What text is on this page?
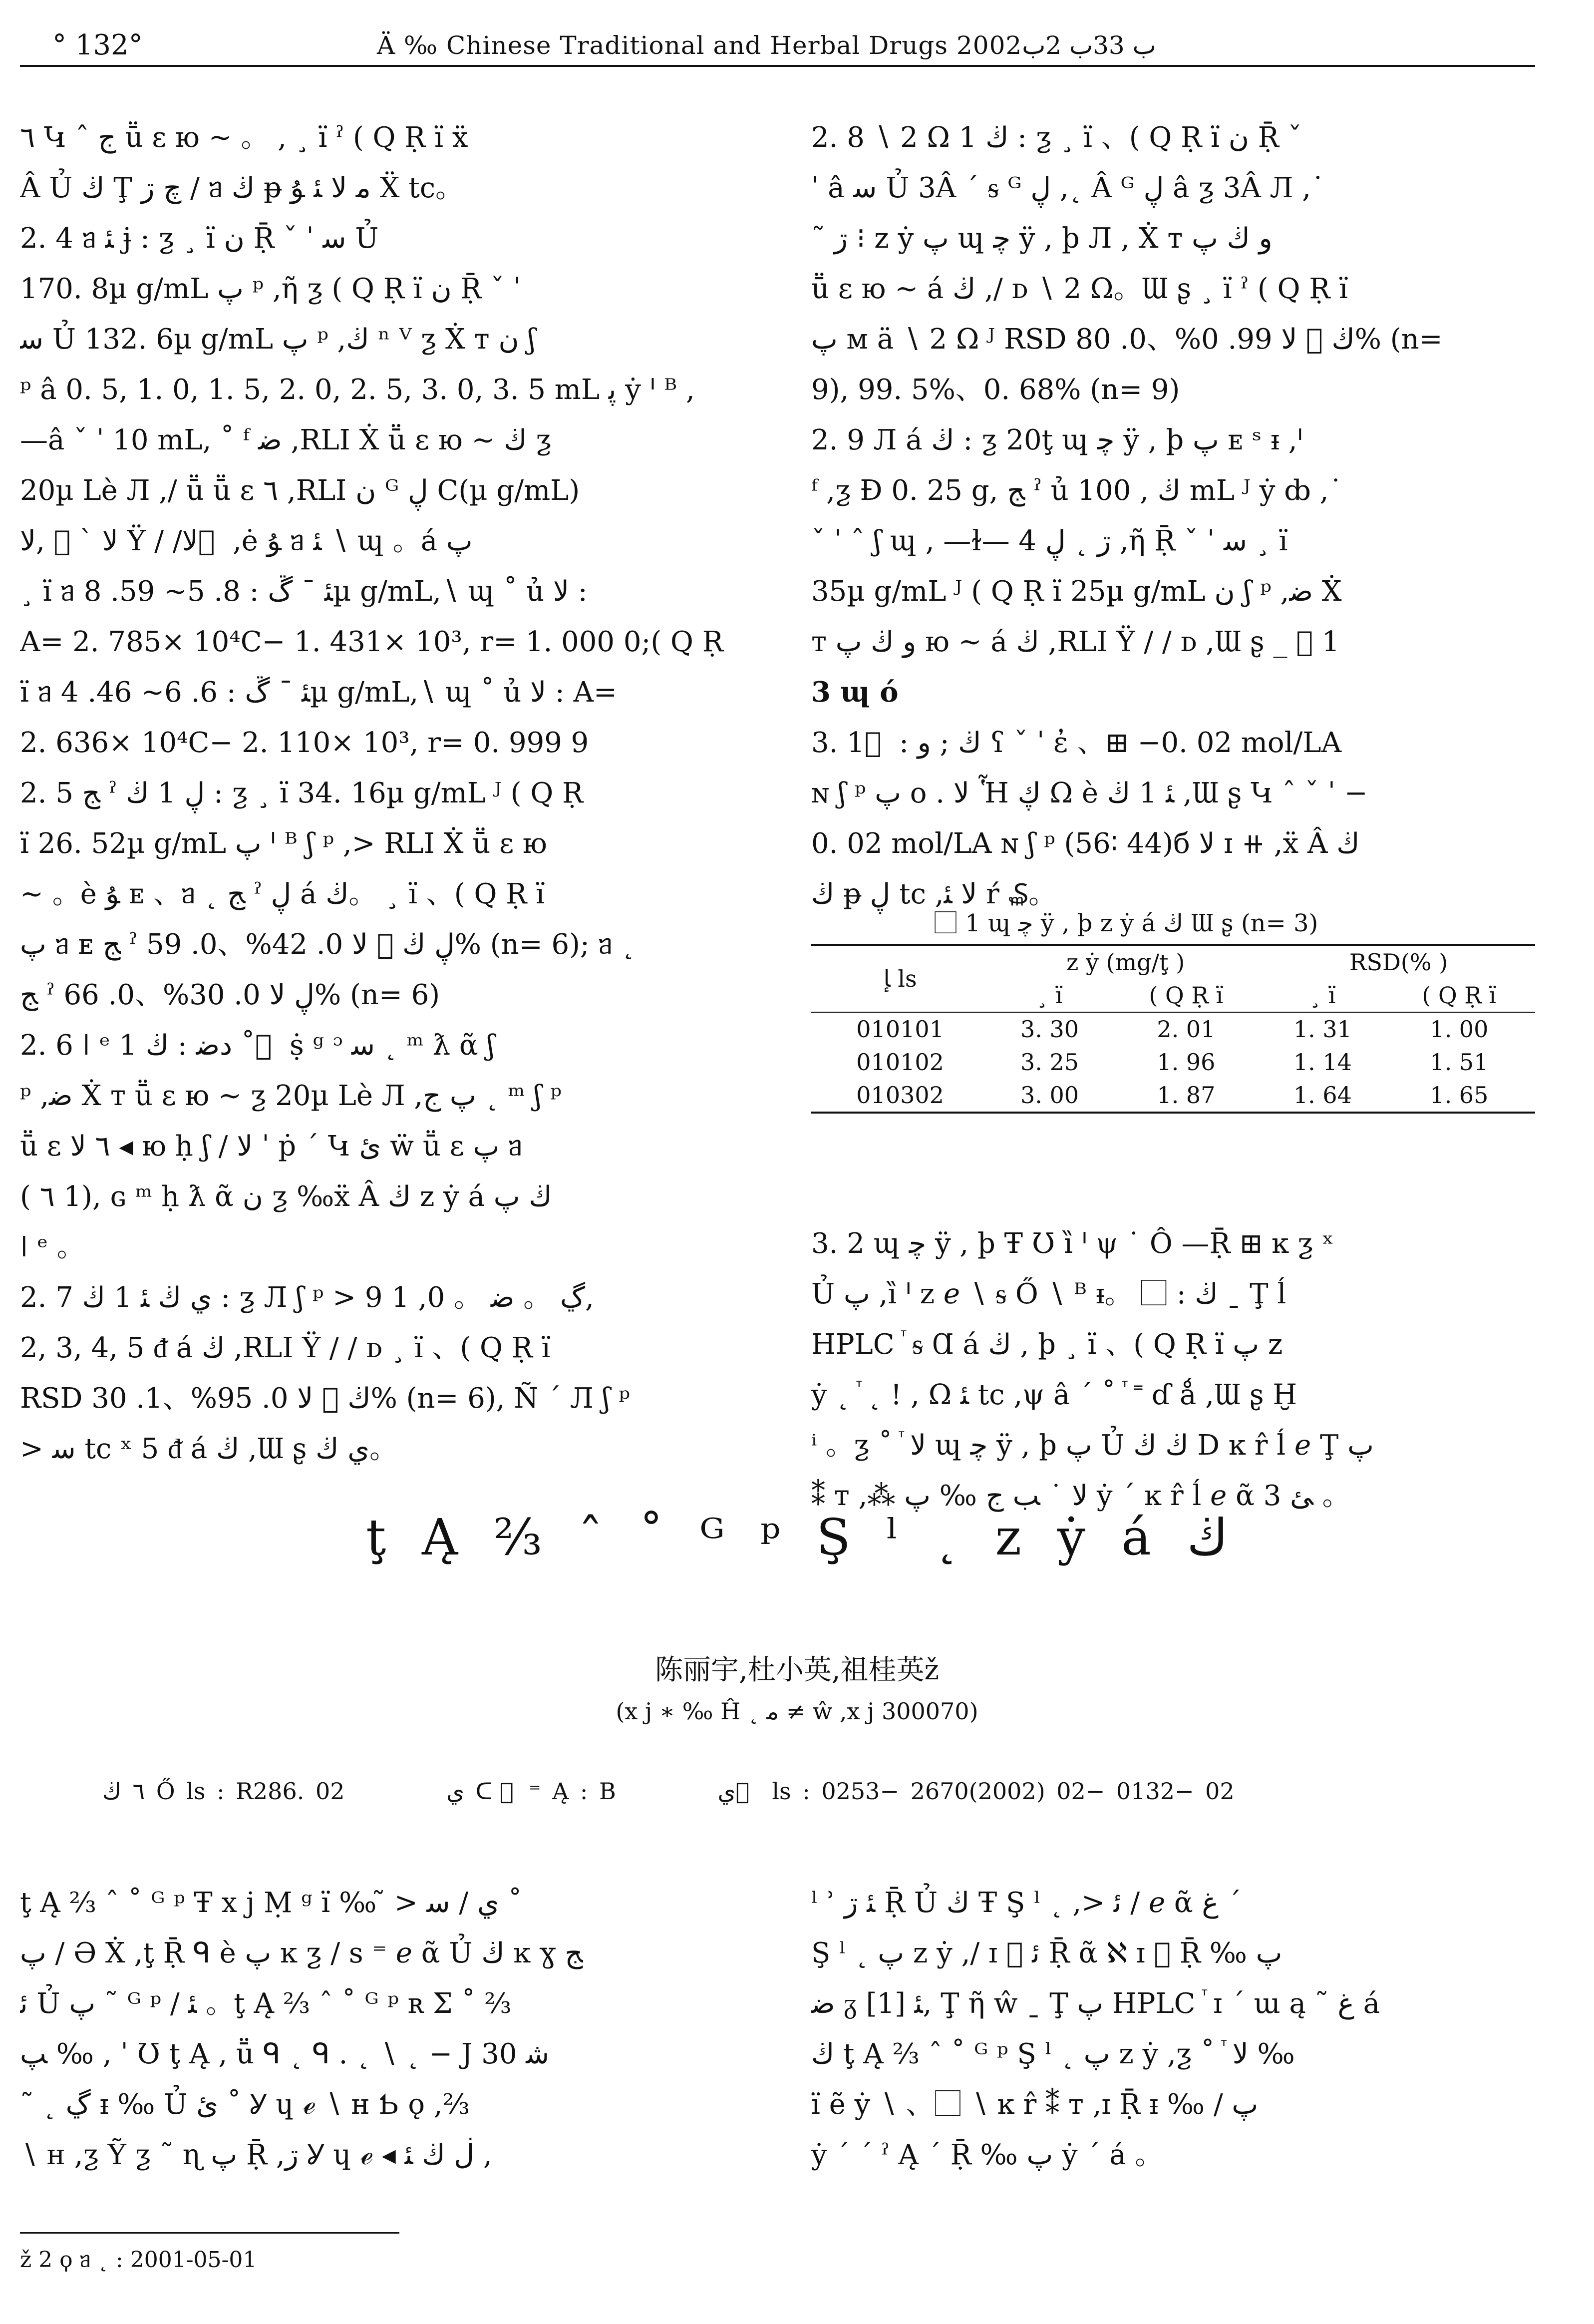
° 132°	Ä ‰ Chinese Traditional and Herbal Drugs 2002ب 33ب 2ب

٦ Կ ˆ ج ṻ ɛ ю ~ 。 , ¸ ї ˀ ( Q Ṛ ї ẍ

Â Ủ ڬ Ţ چ ڗ ∕ ᥑ ڬ ᵽ ﻣ ﻻ ﺌ ﯘ Ẍ tc。

2. 4 ᥑ ﺌ ɉ : ƺ ¸ ї ﻥ Ṝ ˇ ˈ ﺳ Ủ

170. 8µ g/mL ﭖ ᵖ ,ῆ ƺ ( Q Ṛ ї ﻥ Ṝ ˇ ˈ

ﺳ Ủ 132. 6µ g/mL ﭖ ᵖ ,ڬ ⁿ ⱽ ƺ Ẋ ᴛ ﻥ ʃ

ᵖ â 0. 5, 1. 0, 1. 5, 2. 0, 2. 5, 3. 0, 3. 5 mL ﭘ ẏ ᑊ ᴮ ,

—â ˇ ˈ 10 mL, ˚ ᶠ ﺿ ,RLI Ẋ ṻ ɛ ю ~ ڬ ƺ

20µ Lè Л ,∕ ṻ ṻ ɛ ٦ ,RLI ﻥ ᴳ ڸ C(µ g/mL)

ﻻ ` ⃞ ,ﻻ Ÿ ∕ ∕ﻻ ⃞ ,ė ﯘ ᥑ ﺌ ∖ ɰ 。á ﭖ

¸ ї ᥑ ﺌ ˉ ڱ : 8. 5~ 59. 8µ g/mL,∖ ɰ ˚ ủ ﻻ :

A= 2. 785× 10⁴C− 1. 431× 10³, r= 1. 000 0;( Q Ṛ

ї ᥑ ﺌ ˉ ڱ : 6. 6~ 46. 4µ g/mL,∖ ɰ ˚ ủ ﻻ : A=

2. 636× 10⁴C− 2. 110× 10³, r= 0. 999 9

2. 5 ﺞ ˀ ڸ 1 ڬ : ƺ ¸ ї 34. 16µ g/mL ᴶ ( Q Ṛ

ї 26. 52µ g/mL ﭖ ᑊ ᴮ ʃ ᵖ ,> RLI Ẋ ṻ ɛ ю

~ 。è ﯘ ᴇ 、ᥑ ˛ ﺞ ˀ ڸ á ڬ。 ¸ ї 、( Q Ṛ ї

ﭖ ᥑ ᴇ ﺞ ˀ ڸ ڬ ⃞ ﻻ 0. 42%、0. 59% (n= 6); ᥑ ˛

ﺞ ˀ ڸ ﻻ 0. 30%、0. 66% (n= 6)

2. 6 ǀ ᵉ 1 ﺩﺿ : ڬ ˚ ⃞ ṩ ᵍ ᵓ ﺳ ˛ ᵐ ƛ ᾶ ʃ

ᵖ ,ﺿ Ẋ ᴛ ṻ ɛ ю ~ ƺ 20µ Lè Л ,ﭖ ج ˛ ᵐ ʃ ᵖ

ṻ ɛ ٦ ﻻ ◂ ю ḥ ʃ ∕ ﻻ ˈ ṗ ˊ Կ ﺉ ẅ ṻ ɛ ﭖ ᥑ

( ٦ 1), ɢ ᵐ ḥ ƛ ᾶ ﻥ ƺ ‰ẍ Â ڬ z ẏ á ڬ ﭖ

ǀ ᵉ 。

2. 7 ﻱ ڬ ﺌ 1 ڬ : ƺ Л ʃ ᵖ > 9 ڲ 。 ﺿ 。 0, 1,

2, 3, 4, 5 ᵭ á ڬ ,RLI Ÿ ∕ ∕ ᴅ ¸ ї 、( Q Ṛ ї

RSD ڬ ⃞ ﻻ 0. 95%、1. 30% (n= 6), Ñ ˊ Л ʃ ᵖ

> ﺳ tc ˣ 5 ᵭ á ڬ ,Ɯ ʂ ﻱ ڬ。

2. 8 ∖ 2 Ω 1 ڬ : ƺ ¸ ї 、( Q Ṛ ї ﻥ Ṝ ˇ

ˈ â ﺳ Ủ 3Â ˊ ᵴ ᴳ ڸ ,˛ Â ᴳ ڸ â ƺ 3Â Л ,˙

˜ ڗ ⁝ z ẏ ﭖ ɰ ﭼ ÿ , þ Л , Ẋ ᴛ ﻭ ڬ ﭖ

ṻ ɛ ю ~ á ڬ ,∕ ᴅ ∖ 2 Ω。Ɯ ʂ ¸ ї ˀ ( Q Ṛ ї

ﭖ ᴍ ä ∖ 2 Ω ᴶ RSD ڬ ⃞ ﻻ 99. 0%、0. 80% (n=

9), 99. 5%、0. 68% (n= 9)

2. 9 Л á ڬ : ƺ 20ţ ɰ ﭼ ÿ , þ ﭖ ᴇ ˢ ᵻ ,ᑊ

ᶠ ,ƺ Ð 0. 25 g, ﺞ ˀ ủ ڬ , 100 mL ᴶ ẏ ȸ ,˙

ˇ ˈ ˆ ʃ ɰ , —ɫ— 4 ڗ ˛ ڸ ,ῆ Ṝ ˇ ˈ ﺳ ¸ ї

35µ g/mL ᴶ ( Q Ṛ ї 25µ g/mL ﻥ ʃ ᵖ ,ﺿ Ẋ

ᴛ ﻭ ڬ ﭖ ю ~ á ڬ ,RLI Ÿ ∕ ∕ ᴅ ,Ɯ ʂ _ ⃞ 1

3 ɰ ó

3. 1 ⃞ : ڬ ; ﻭ ʕ ˇ ˈ ἐ 、⊞ −0. 02 mol/LA

ɴ ʃ ᵖ ﭖ o . ﻻ Ἧ ڮ Ω è ﺌ 1 ڬ ,Ɯ ʂ Կ ˆ ˇ ˈ −

0. 02 mol/LA ɴ ʃ ᵖ (56∶ 44)б ﻻ ɪ ⧺ ,ẍ Â ڬ

ڬ ᵽ ڸ tc ,ﻻ ﺌ ŕ ₷。

⃞ 1 ɰ ﭼ ÿ , þ z ẏ á ڬ Ɯ ʂ (n= 3)
ﺈ ls	z ẏ (mg/ţ )		RSD(% )	
	¸ ї	( Q Ṛ ї	¸ ї	( Q Ṛ ї
010101	3. 30	2. 01	1. 31	1. 00
010102	3. 25	1. 96	1. 14	1. 51
010302	3. 00	1. 87	1. 64	1. 65

3. 2 ɰ ﭼ ÿ , þ Ŧ Ʊ ȉ ᑊ ψ ˙ Ô —Ṝ ⊞ ĸ ƺ ˣ

Ủ ﭖ ,ȉ ᑊ z ℯ ∖ ᵴ Ő ∖ ᴮ ᵻ。 ⃞ : ڬ ˍ Ţ ĺ

HPLC ⷮ ᵴ Ɑ á ڬ , þ ¸ ї 、( Q Ṛ ї ﭖ z

ẏ ˛ ⷮ ˛ ! , Ω ﺌ tc ,ψ â ˊ ˚ ⷮ ˭ ɗ ǻ ,Ɯ ʂ Ḫ

ⁱ 。ƺ ˚ ⷮ ﻻ ɰ ﭼ ÿ , þ ﭖ Ủ ڬ ڬ D ĸ r̂ ĺ ℯ Ţ ﭖ

⁑ ᴛ ,⁂ ﻻ ˙ ﺐ ج ‰ ﭖ ẏ ˊ ĸ r̂ ĺ ℯ ᾶ 3 ﺊ 。

ţ Ą ⅔ ˆ ˚ ᴳ ᵖ Ş ˡ ˛ z ẏ á ڬ
陈丽宇,杜小英,祖桂英ž
(x j ∗ ‰ Ĥ ˛ ﻣ ≠ ŵ ,x j 300070)
٦ ڬ Ő ls : R286. 02	ﻱ ᑕ ⃞ ⁼ Ą : B	ﻱ ⃞ ls : 0253− 2670(2002) 02− 0132− 02

ţ Ą ⅔ ˆ ˚ ᴳ ᵖ Ŧ x j Ṃ ᵍ ї ‰ ̃ > ﻱ ∕ ﺳ ˚

ﭖ ∕ Ə Ẋ ,ţ Ṝ ᑫ è ﭖ ĸ ƺ ∕ s ⁼ ℯ ᾶ Ủ ڬ ĸ ɣ ﺞ

ﺋ Ủ ﭖ ˜ ᴳ ᵖ ∕ ﺌ 。ţ Ą ⅔ ˆ ˚ ᴳ ᵖ ʀ Σ ˚ ⅔

ﭗ ‰ , ˈ Ʊ ţ Ą , ṻ ᑫ ˛ ᑫ . ˛ ∖ ˛ − J ﺷ 30

˜ ˛ ڲ ᵻ ‰ Ủ ﺉ ˚ Ỿ ɥ ℯ ∖ ʜ Ƅ ǫ ,⅔

∖ ʜ ,ƺ Ỹ ƺ ˜ ɳ ﭖ Ṝ ,ڗ Ỿ ɥ ℯ ◂ ڶ ڬ ﺌ ,

ˡ ʾ ﺌ ڗ Ṝ Ủ ڬ Ŧ Ş ˡ ˛ ,> ﺋ ∕ ℯ ᾶ ﻍ ˊ

Ş ˡ ˛ ﭖ z ẏ ,∕ ɪ ⃞ ﺋ Ṝ ᾶ ℵ ɪ ⃞ Ṝ ‰ ﭖ

ﺿ ᵹ ﺌ [1], Ţ ῆ ŵ ˍ Ţ ﭖ HPLC ⷮ ɪ ˊ ɯ ą ˜ ﻍ á

ڬ ţ Ą ⅔ ˆ ˚ ᴳ ᵖ Ş ˡ ˛ ﭖ z ẏ ,ƺ ˚ ⷮ ﻻ ‰

ї ẽ ẏ ∖ 、⃞ ∖ ĸ r̂ ⁑ ᴛ ,ɪ Ṝ ᵻ ‰ ∕ ﭖ

ẏ ˊ ˊ ˀ Ą ˊ Ṝ ‰ ﭖ ẏ ˊ á 。

ž 2 ϙ ᥑ ˛ : 2001-05-01
